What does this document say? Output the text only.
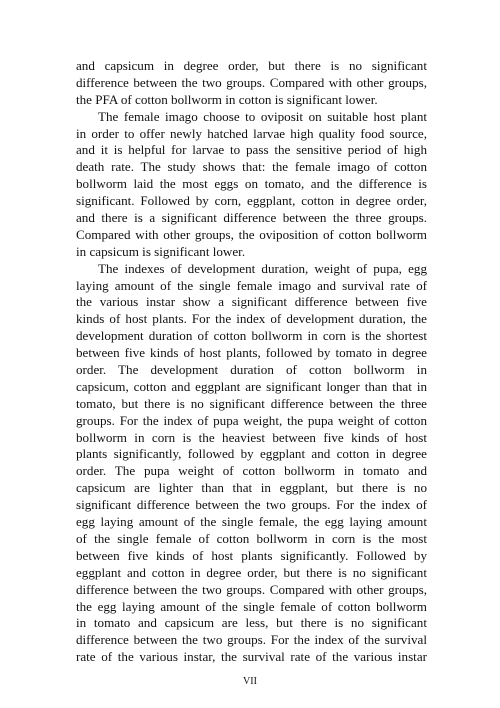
and capsicum in degree order, but there is no significant
difference between the two groups. Compared with other groups,
the PFA of cotton bollworm in cotton is significant lower.
The female imago choose to oviposit on suitable host plant
in order to offer newly hatched larvae high quality food source,
and it is helpful for larvae to pass the sensitive period of high
death rate. The study shows that: the female imago of cotton
bollworm laid the most eggs on tomato, and the difference is
significant. Followed by corn, eggplant, cotton in degree order,
and there is a significant difference between the three groups.
Compared with other groups, the oviposition of cotton bollworm
in capsicum is significant lower.
The indexes of development duration, weight of pupa, egg
laying amount of the single female imago and survival rate of
the various instar show a significant difference between five
kinds of host plants. For the index of development duration, the
development duration of cotton bollworm in corn is the shortest
between five kinds of host plants, followed by tomato in degree
order. The development duration of cotton bollworm in
capsicum, cotton and eggplant are significant longer than that in
tomato, but there is no significant difference between the three
groups. For the index of pupa weight, the pupa weight of cotton
bollworm in corn is the heaviest between five kinds of host
plants significantly, followed by eggplant and cotton in degree
order. The pupa weight of cotton bollworm in tomato and
capsicum are lighter than that in eggplant, but there is no
significant difference between the two groups. For the index of
egg laying amount of the single female, the egg laying amount
of the single female of cotton bollworm in corn is the most
between five kinds of host plants significantly. Followed by
eggplant and cotton in degree order, but there is no significant
difference between the two groups. Compared with other groups,
the egg laying amount of the single female of cotton bollworm
in tomato and capsicum are less, but there is no significant
difference between the two groups. For the index of the survival
rate of the various instar, the survival rate of the various instar
VII
